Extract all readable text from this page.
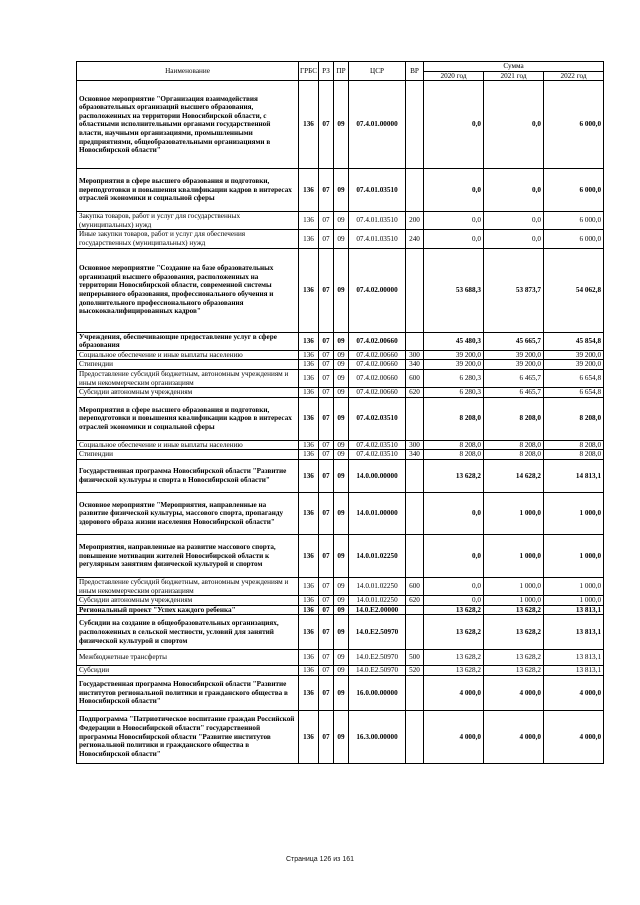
Наименование	ГРБС	РЗ	ПР	ЦСР	ВР	Сумма		
						2020 год	2021 год	2022 год
Основное мероприятие "Организация взаимодействия образовательных организаций высшего образования, расположенных на территории Новосибирской области, с областными исполнительными органами государственной власти, научными организациями, промышленными предприятиями, общеобразовательными организациями в Новосибирской области"	136	07	09	07.4.01.00000		0,0	0,0	6 000,0
Мероприятия в сфере высшего образования и подготовки, переподготовки и повышения квалификации кадров в интересах отраслей экономики и социальной сферы	136	07	09	07.4.01.03510		0,0	0,0	6 000,0
Закупка товаров, работ и услуг для государственных (муниципальных) нужд	136	07	09	07.4.01.03510	200	0,0	0,0	6 000,0
Иные закупки товаров, работ и услуг для обеспечения государственных (муниципальных) нужд	136	07	09	07.4.01.03510	240	0,0	0,0	6 000,0
Основное мероприятие "Создание на базе образовательных организаций высшего образования, расположенных на территории Новосибирской области, современной системы непрерывного образования, профессионального обучения и дополнительного профессионального образования высококвалифицированных кадров"	136	07	09	07.4.02.00000		53 688,3	53 873,7	54 062,8
Учреждения, обеспечивающие предоставление услуг в сфере образования	136	07	09	07.4.02.00660		45 480,3	45 665,7	45 854,8
Социальное обеспечение и иные выплаты населению	136	07	09	07.4.02.00660	300	39 200,0	39 200,0	39 200,0
Стипендии	136	07	09	07.4.02.00660	340	39 200,0	39 200,0	39 200,0
Предоставление субсидий бюджетным, автономным учреждениям и иным некоммерческим организациям	136	07	09	07.4.02.00660	600	6 280,3	6 465,7	6 654,8
Субсидии автономным учреждениям	136	07	09	07.4.02.00660	620	6 280,3	6 465,7	6 654,8
Мероприятия в сфере высшего образования и подготовки, переподготовки и повышения квалификации кадров в интересах отраслей экономики и социальной сферы	136	07	09	07.4.02.03510		8 208,0	8 208,0	8 208,0
Социальное обеспечение и иные выплаты населению	136	07	09	07.4.02.03510	300	8 208,0	8 208,0	8 208,0
Стипендии	136	07	09	07.4.02.03510	340	8 208,0	8 208,0	8 208,0
Государственная программа Новосибирской области "Развитие физической культуры и спорта в Новосибирской области"	136	07	09	14.0.00.00000		13 628,2	14 628,2	14 813,1
Основное мероприятие "Мероприятия, направленные на развитие физической культуры, массового спорта, пропаганду здорового образа жизни населения Новосибирской области"	136	07	09	14.0.01.00000		0,0	1 000,0	1 000,0
Мероприятия, направленные на развитие массового спорта, повышение мотивации жителей Новосибирской области к регулярным занятиям физической культурой и спортом	136	07	09	14.0.01.02250		0,0	1 000,0	1 000,0
Предоставление субсидий бюджетным, автономным учреждениям и иным некоммерческим организациям	136	07	09	14.0.01.02250	600	0,0	1 000,0	1 000,0
Субсидии автономным учреждениям	136	07	09	14.0.01.02250	620	0,0	1 000,0	1 000,0
Региональный проект "Успех каждого ребенка"	136	07	09	14.0.E2.00000		13 628,2	13 628,2	13 813,1
Субсидии на создание в общеобразовательных организациях, расположенных в сельской местности, условий для занятий физической культурой и спортом	136	07	09	14.0.E2.50970		13 628,2	13 628,2	13 813,1
Межбюджетные трансферты	136	07	09	14.0.E2.50970	500	13 628,2	13 628,2	13 813,1
Субсидии	136	07	09	14.0.E2.50970	520	13 628,2	13 628,2	13 813,1
Государственная программа Новосибирской области "Развитие институтов региональной политики и гражданского общества в Новосибирской области"	136	07	09	16.0.00.00000		4 000,0	4 000,0	4 000,0
Подпрограмма "Патриотическое воспитание граждан Российской Федерации в Новосибирской области" государственной программы Новосибирской области "Развитие институтов региональной политики и гражданского общества в Новосибирской области"	136	07	09	16.3.00.00000		4 000,0	4 000,0	4 000,0
Страница 126 из 161
